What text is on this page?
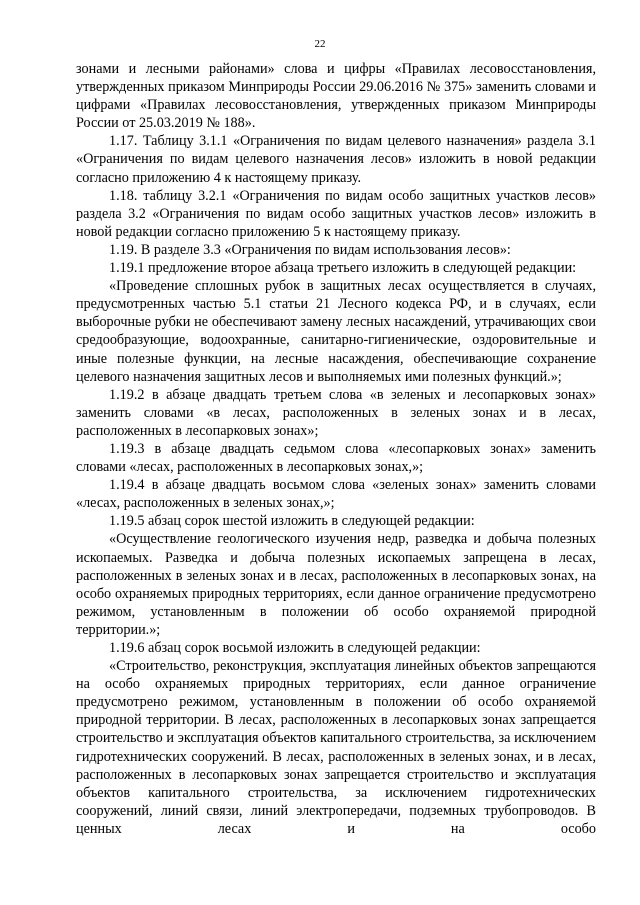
22

зонами и лесными районами» слова и цифры «Правилах лесовосстановления, утвержденных приказом Минприроды России 29.06.2016 № 375» заменить словами и цифрами «Правилах лесовосстановления, утвержденных приказом Минприроды России от 25.03.2019 № 188».

1.17. Таблицу 3.1.1 «Ограничения по видам целевого назначения» раздела 3.1 «Ограничения по видам целевого назначения лесов» изложить в новой редакции согласно приложению 4 к настоящему приказу.

1.18. таблицу 3.2.1 «Ограничения по видам особо защитных участков лесов» раздела 3.2 «Ограничения по видам особо защитных участков лесов» изложить в новой редакции согласно приложению 5 к настоящему приказу.

1.19. В разделе 3.3 «Ограничения по видам использования лесов»:

1.19.1 предложение второе абзаца третьего изложить в следующей редакции:

«Проведение сплошных рубок в защитных лесах осуществляется в случаях, предусмотренных частью 5.1 статьи 21 Лесного кодекса РФ, и в случаях, если выборочные рубки не обеспечивают замену лесных насаждений, утрачивающих свои средообразующие, водоохранные, санитарно-гигиенические, оздоровительные и иные полезные функции, на лесные насаждения, обеспечивающие сохранение целевого назначения защитных лесов и выполняемых ими полезных функций.»;

1.19.2 в абзаце двадцать третьем слова «в зеленых и лесопарковых зонах» заменить словами «в лесах, расположенных в зеленых зонах и в лесах, расположенных в лесопарковых зонах»;

1.19.3 в абзаце двадцать седьмом слова «лесопарковых зонах» заменить словами «лесах, расположенных в лесопарковых зонах,»;

1.19.4 в абзаце двадцать восьмом слова «зеленых зонах» заменить словами «лесах, расположенных в зеленых зонах,»;

1.19.5 абзац сорок шестой изложить в следующей редакции:

«Осуществление геологического изучения недр, разведка и добыча полезных ископаемых. Разведка и добыча полезных ископаемых запрещена в лесах, расположенных в зеленых зонах и в лесах, расположенных в лесопарковых зонах, на особо охраняемых природных территориях, если данное ограничение предусмотрено режимом, установленным в положении об особо охраняемой природной территории.»;

1.19.6 абзац сорок восьмой изложить в следующей редакции:

«Строительство, реконструкция, эксплуатация линейных объектов запрещаются на особо охраняемых природных территориях, если данное ограничение предусмотрено режимом, установленным в положении об особо охраняемой природной территории. В лесах, расположенных в лесопарковых зонах запрещается строительство и эксплуатация объектов капитального строительства, за исключением гидротехнических сооружений. В лесах, расположенных в зеленых зонах, и в лесах, расположенных в лесопарковых зонах запрещается строительство и эксплуатация объектов капитального строительства, за исключением гидротехнических сооружений, линий связи, линий электропередачи, подземных трубопроводов. В ценных лесах и на особо
